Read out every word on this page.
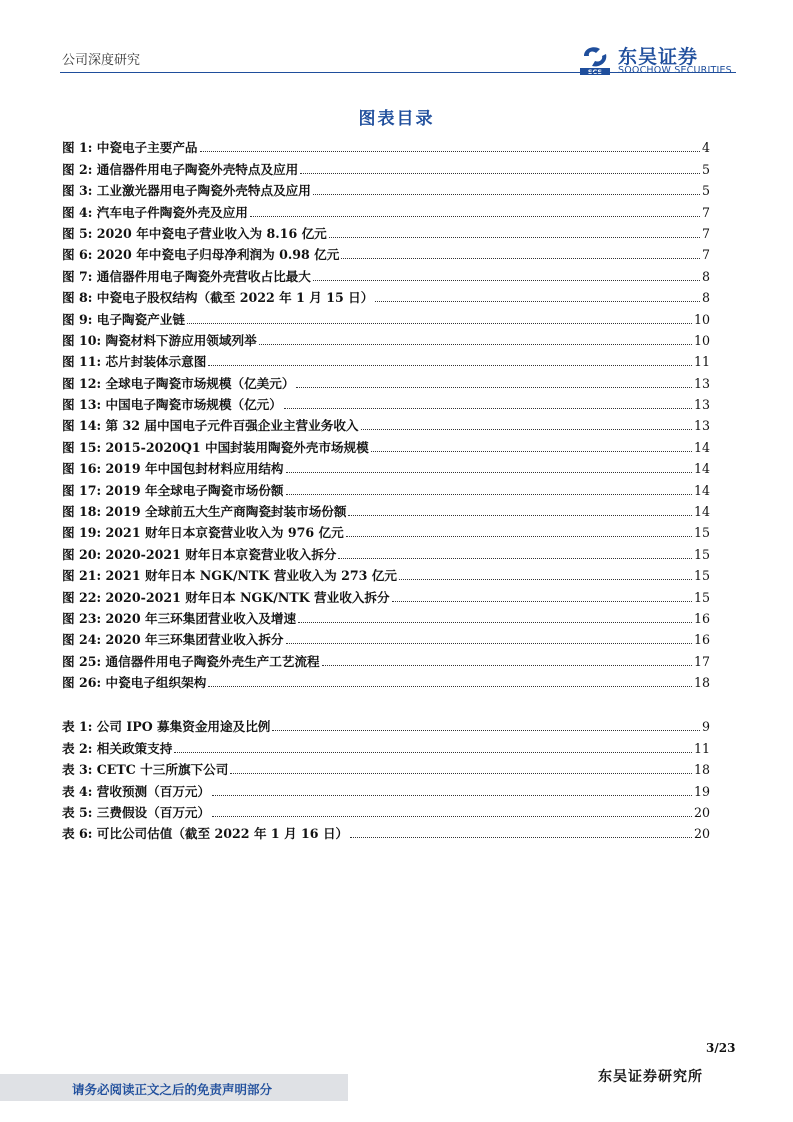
公司深度研究
SCS
东吴证券
SOOCHOW SECURITIES
图表目录
图 1: 中瓷电子主要产品	4
图 2: 通信器件用电子陶瓷外壳特点及应用	5
图 3: 工业激光器用电子陶瓷外壳特点及应用	5
图 4: 汽车电子件陶瓷外壳及应用	7
图 5: 2020 年中瓷电子营业收入为 8.16 亿元	7
图 6: 2020 年中瓷电子归母净利润为 0.98 亿元	7
图 7: 通信器件用电子陶瓷外壳营收占比最大	8
图 8: 中瓷电子股权结构（截至 2022 年 1 月 15 日）	8
图 9: 电子陶瓷产业链	10
图 10: 陶瓷材料下游应用领域列举	10
图 11: 芯片封装体示意图	11
图 12: 全球电子陶瓷市场规模（亿美元）	13
图 13: 中国电子陶瓷市场规模（亿元）	13
图 14: 第 32 届中国电子元件百强企业主营业务收入	13
图 15: 2015-2020Q1 中国封装用陶瓷外壳市场规模	14
图 16: 2019 年中国包封材料应用结构	14
图 17: 2019 年全球电子陶瓷市场份额	14
图 18: 2019 全球前五大生产商陶瓷封装市场份额	14
图 19: 2021 财年日本京瓷营业收入为 976 亿元	15
图 20: 2020-2021 财年日本京瓷营业收入拆分	15
图 21: 2021 财年日本 NGK/NTK 营业收入为 273 亿元	15
图 22: 2020-2021 财年日本 NGK/NTK 营业收入拆分	15
图 23: 2020 年三环集团营业收入及增速	16
图 24: 2020 年三环集团营业收入拆分	16
图 25: 通信器件用电子陶瓷外壳生产工艺流程	17
图 26: 中瓷电子组织架构	18
表 1: 公司 IPO 募集资金用途及比例	9
表 2: 相关政策支持	11
表 3: CETC 十三所旗下公司	18
表 4: 营收预测（百万元）	19
表 5: 三费假设（百万元）	20
表 6: 可比公司估值（截至 2022 年 1 月 16 日）	20
3/23
请务必阅读正文之后的免责声明部分
东吴证券研究所
